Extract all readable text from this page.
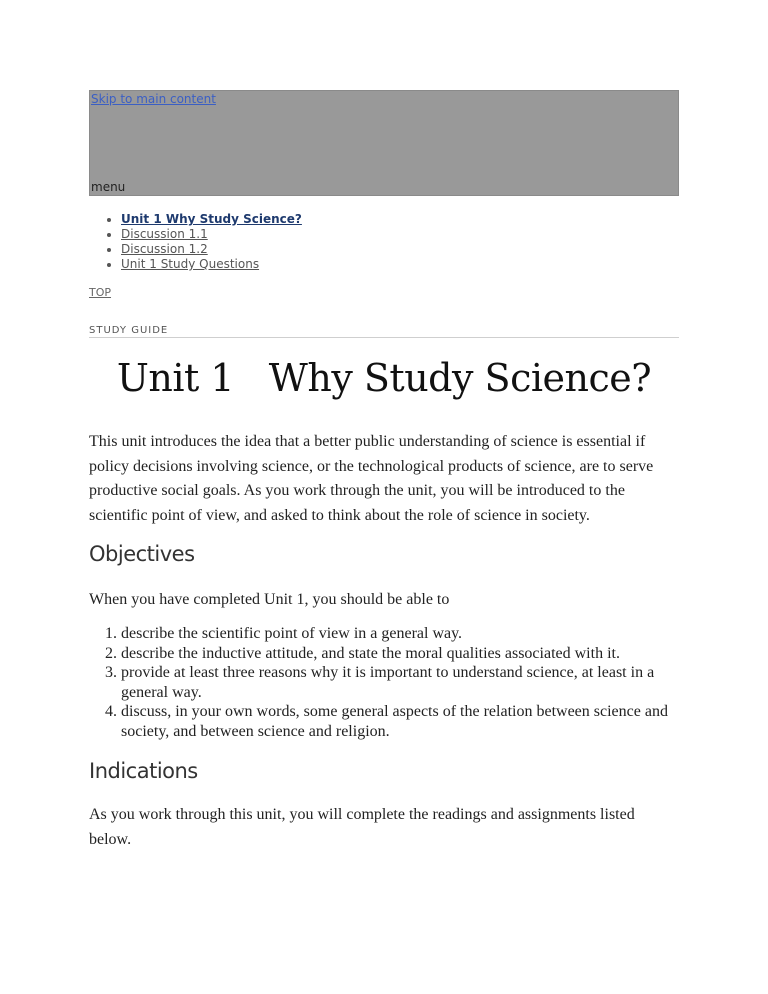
Skip to main content
menu
• Unit 1 Why Study Science?
• Discussion 1.1
• Discussion 1.2
• Unit 1 Study Questions
TOP
STUDY GUIDE
Unit 1   Why Study Science?

This unit introduces the idea that a better public understanding of science is essential if policy decisions involving science, or the technological products of science, are to serve productive social goals. As you work through the unit, you will be introduced to the scientific point of view, and asked to think about the role of science in society.

Objectives

When you have completed Unit 1, you should be able to

1. describe the scientific point of view in a general way.
2. describe the inductive attitude, and state the moral qualities associated with it.
3. provide at least three reasons why it is important to understand science, at least in a general way.
4. discuss, in your own words, some general aspects of the relation between science and society, and between science and religion.
Indications

As you work through this unit, you will complete the readings and assignments listed below.
